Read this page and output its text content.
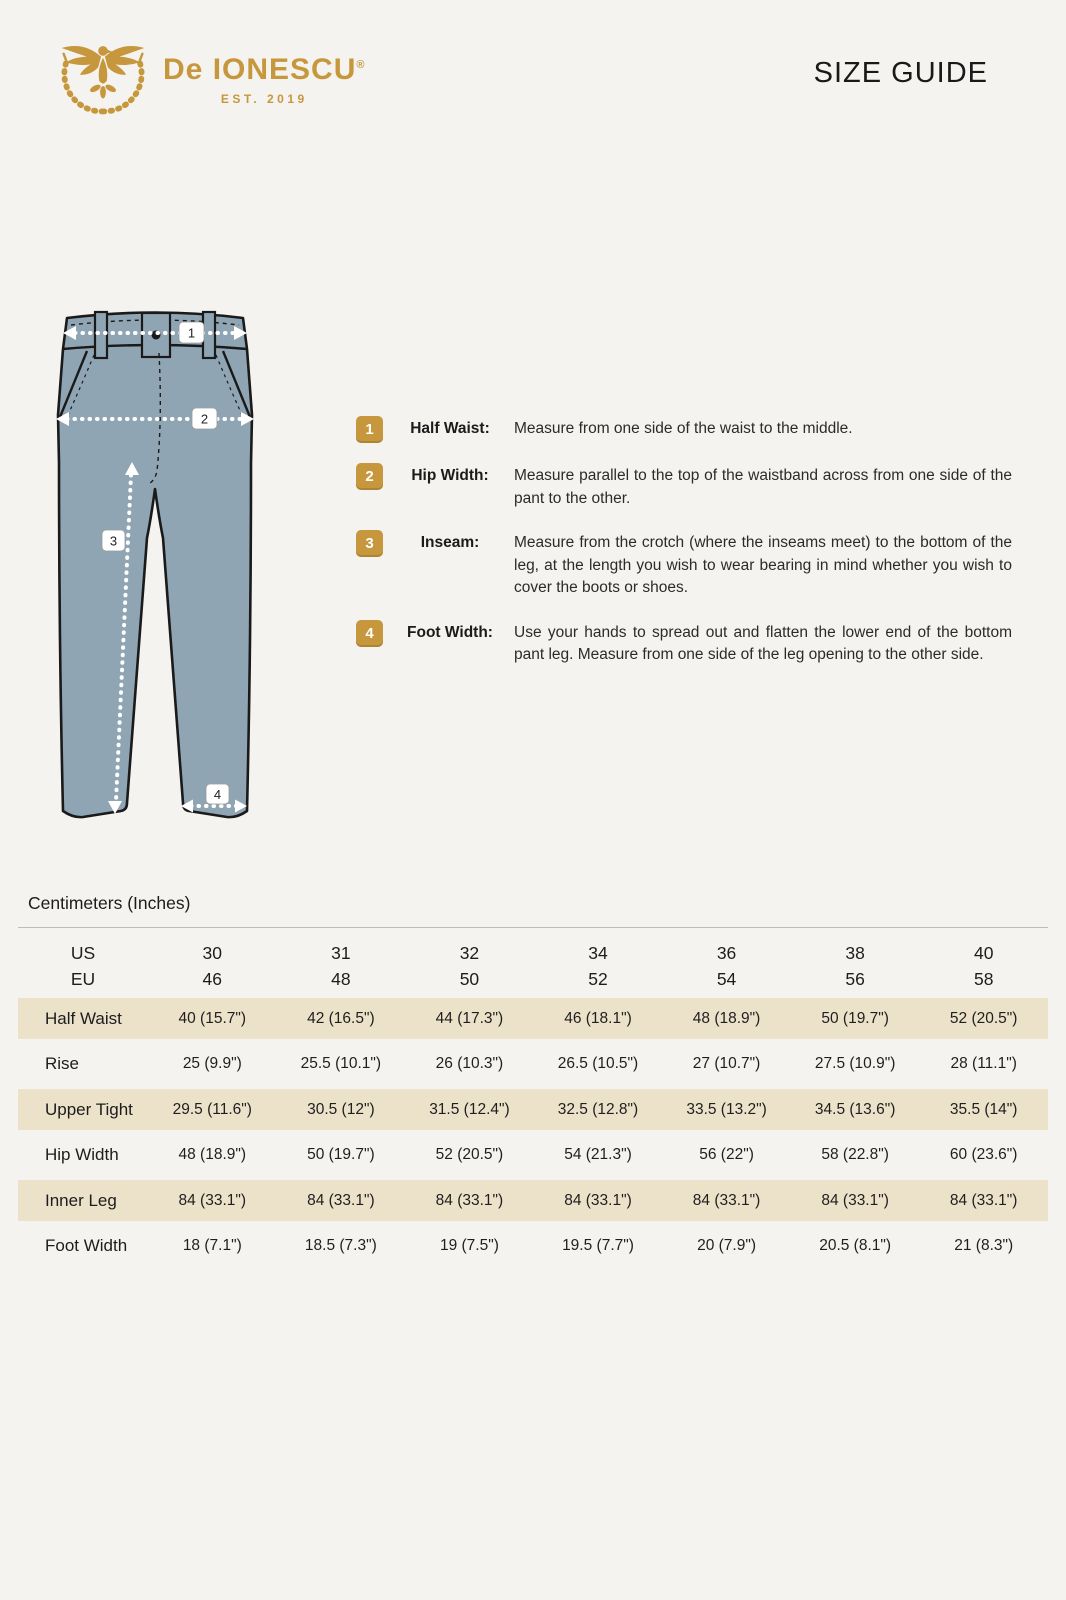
De IONESCU®
EST. 2019
SIZE GUIDE
1
2
3
4
1	Half Waist:	Measure from one side of the waist to the middle.
2	Hip Width:	Measure parallel to the top of the waistband across from one side of the pant to the other.
3	Inseam:	Measure from the crotch (where the inseams meet) to the bottom of the leg, at the length you wish to wear bearing in mind whether you wish to cover the boots or shoes.
4	Foot Width:	Use your hands to spread out and flatten the lower end of the bottom pant leg. Measure from one side of the leg opening to the other side.
Centimeters (Inches)
US	30	31	32	34	36	38	40
EU	46	48	50	52	54	56	58
Half Waist	40 (15.7")	42 (16.5")	44 (17.3")	46 (18.1")	48 (18.9")	50 (19.7")	52 (20.5")
Rise	25 (9.9")	25.5 (10.1")	26 (10.3")	26.5 (10.5")	27 (10.7")	27.5 (10.9")	28 (11.1")
Upper Tight	29.5 (11.6")	30.5 (12")	31.5 (12.4")	32.5 (12.8")	33.5 (13.2")	34.5 (13.6")	35.5 (14")
Hip Width	48 (18.9")	50 (19.7")	52 (20.5")	54 (21.3")	56 (22")	58 (22.8")	60 (23.6")
Inner Leg	84 (33.1")	84 (33.1")	84 (33.1")	84 (33.1")	84 (33.1")	84 (33.1")	84 (33.1")
Foot Width	18 (7.1")	18.5 (7.3")	19 (7.5")	19.5 (7.7")	20 (7.9")	20.5 (8.1")	21 (8.3")
